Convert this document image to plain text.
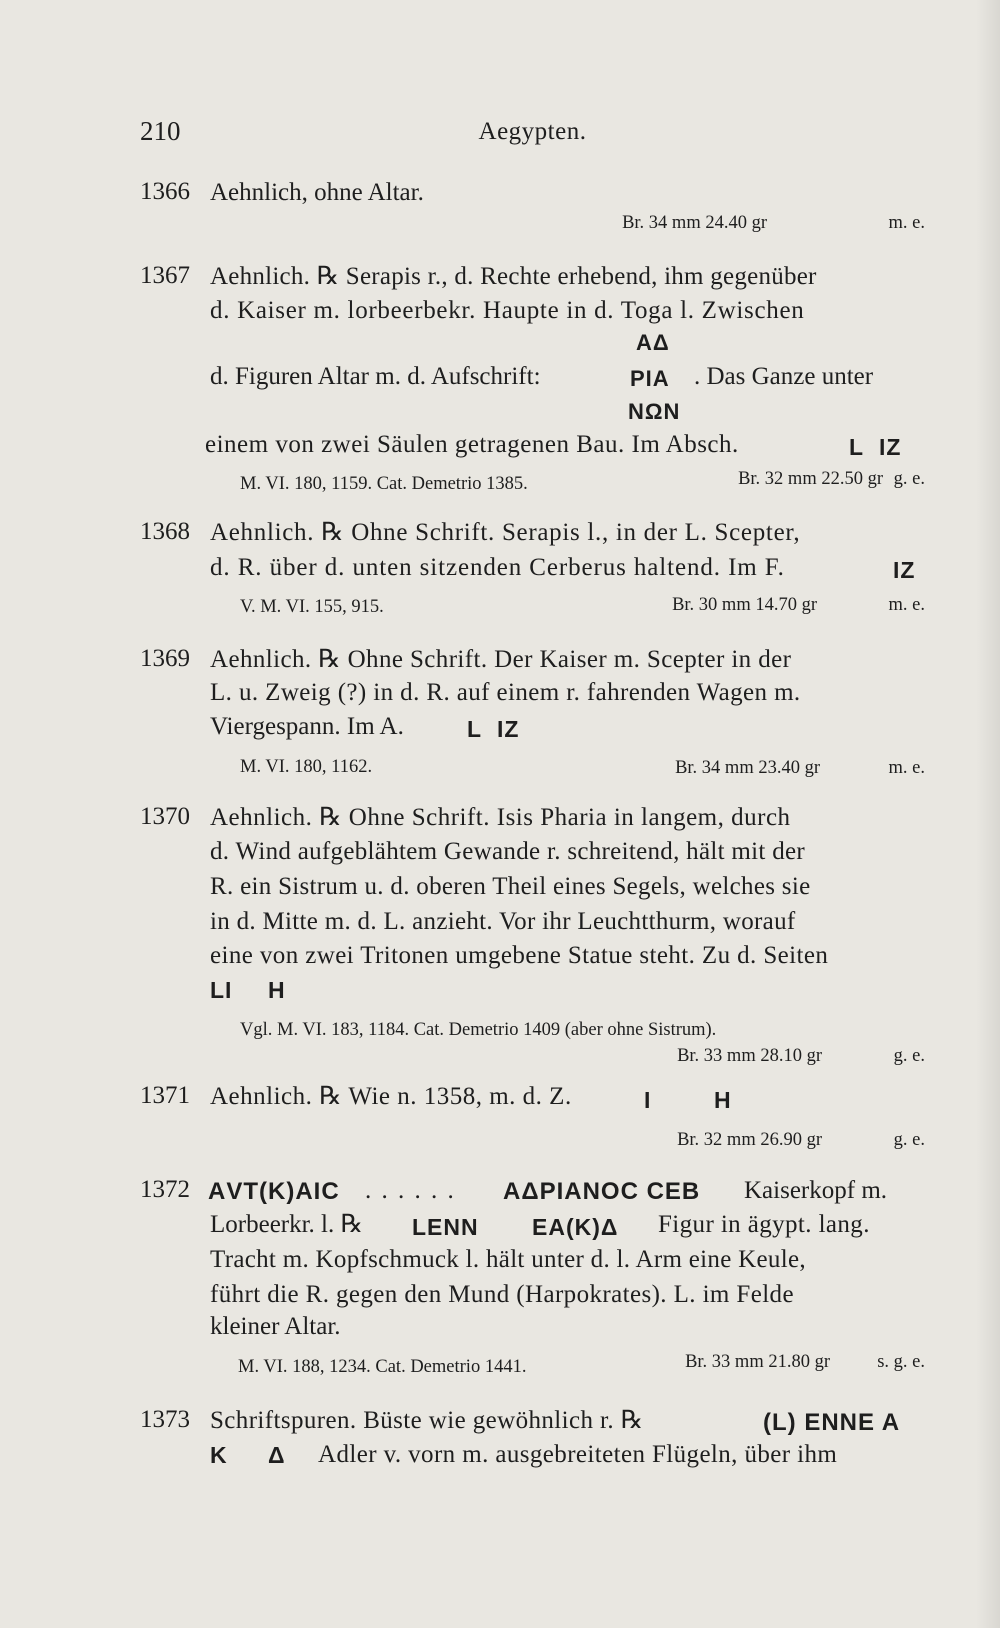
210	Aegypten.
1366 Aehnlich, ohne Altar.
Br. 34 mm 24.40 gr	m. e.
1367 Aehnlich. ℞ Serapis r., d. Rechte erhebend, ihm gegenüber
d. Kaiser m. lorbeerbekr. Haupte in d. Toga l. Zwischen
ΑΔ
d. Figuren Altar m. d. Aufschrift:	ΡΙΑ . Das Ganze unter
ΝΩΝ
einem von zwei Säulen getragenen Bau. Im Absch.	L IZ
M. VI. 180, 1159. Cat. Demetrio 1385.	Br. 32 mm 22.50 gr g. e.
1368 Aehnlich. ℞ Ohne Schrift. Serapis l., in der L. Scepter,
d. R. über d. unten sitzenden Cerberus haltend. Im F.	IZ
V. M. VI. 155, 915.	Br. 30 mm 14.70 gr	m. e.
1369 Aehnlich. ℞ Ohne Schrift. Der Kaiser m. Scepter in der
L. u. Zweig (?) in d. R. auf einem r. fahrenden Wagen m.
Viergespann. Im A.	L IZ
M. VI. 180, 1162.	Br. 34 mm 23.40 gr	m. e.
1370 Aehnlich. ℞ Ohne Schrift. Isis Pharia in langem, durch
d. Wind aufgeblähtem Gewande r. schreitend, hält mit der
R. ein Sistrum u. d. oberen Theil eines Segels, welches sie
in d. Mitte m. d. L. anzieht. Vor ihr Leuchtthurm, worauf
eine von zwei Tritonen umgebene Statue steht. Zu d. Seiten
LI H
Vgl. M. VI. 183, 1184. Cat. Demetrio 1409 (aber ohne Sistrum).
Br. 33 mm 28.10 gr	g. e.
1371 Aehnlich. ℞ Wie n. 1358, m. d. Z.	I	H
Br. 32 mm 26.90 gr	g. e.
1372 ΑVΤ(Κ)ΑΙC . . . . . . ΑΔΡΙΑΝΟC CΕΒ Kaiserkopf m.
Lorbeerkr. l. ℞ LΕΝΝ ΕΑ(Κ)Δ Figur in ägypt. lang.
Tracht m. Kopfschmuck l. hält unter d. l. Arm eine Keule,
führt die R. gegen den Mund (Harpokrates). L. im Felde
kleiner Altar.
M. VI. 188, 1234. Cat. Demetrio 1441.	Br. 33 mm 21.80 gr	s. g. e.
1373 Schriftspuren. Büste wie gewöhnlich r. ℞	(L) ΕΝΝΕ Α
Κ Δ Adler v. vorn m. ausgebreiteten Flügeln, über ihm
